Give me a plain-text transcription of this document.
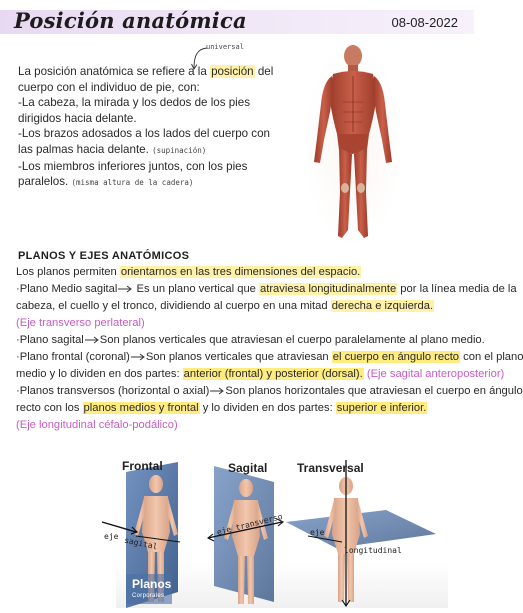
Posición anatómica	08-08-2022
universal
La posición anatómica se refiere a la posición del
cuerpo con el individuo de pie, con:
-La cabeza, la mirada y los dedos de los pies
dirigidos hacia delante.
-Los brazos adosados a los lados del cuerpo con
las palmas hacia delante. (supinación)
-Los miembros inferiores juntos, con los pies
paralelos. (misma altura de la cadera)
PLANOS Y EJES ANATÓMICOS
Los planos permiten orientarnos en las tres dimensiones del espacio.
·Plano Medio sagital
Es un plano vertical que atraviesa longitudinalmente por la línea media de la
cabeza, el cuello y el tronco, dividiendo al cuerpo en una mitad derecha e izquierda.
(Eje transverso perlateral)
·Plano sagital Son planos verticales que atraviesan el cuerpo paralelamente al plano medio.
·Plano frontal (coronal) Son planos verticales que atraviesan el cuerpo en ángulo recto con el plano
medio y lo dividen en dos partes: anterior (frontal) y posterior (dorsal). (Eje sagital anteroposterior)
·Planos transversos (horizontal o axial) Son planos horizontales que atraviesan el cuerpo en ángulo
recto con los planos medios y frontal y lo dividen en dos partes: superior e inferior.
(Eje longitudinal céfalo-podálico)
Frontal	Sagital Transversal
Planos
Corporales
eje sagital
eje transverso	eje
longitudinal
